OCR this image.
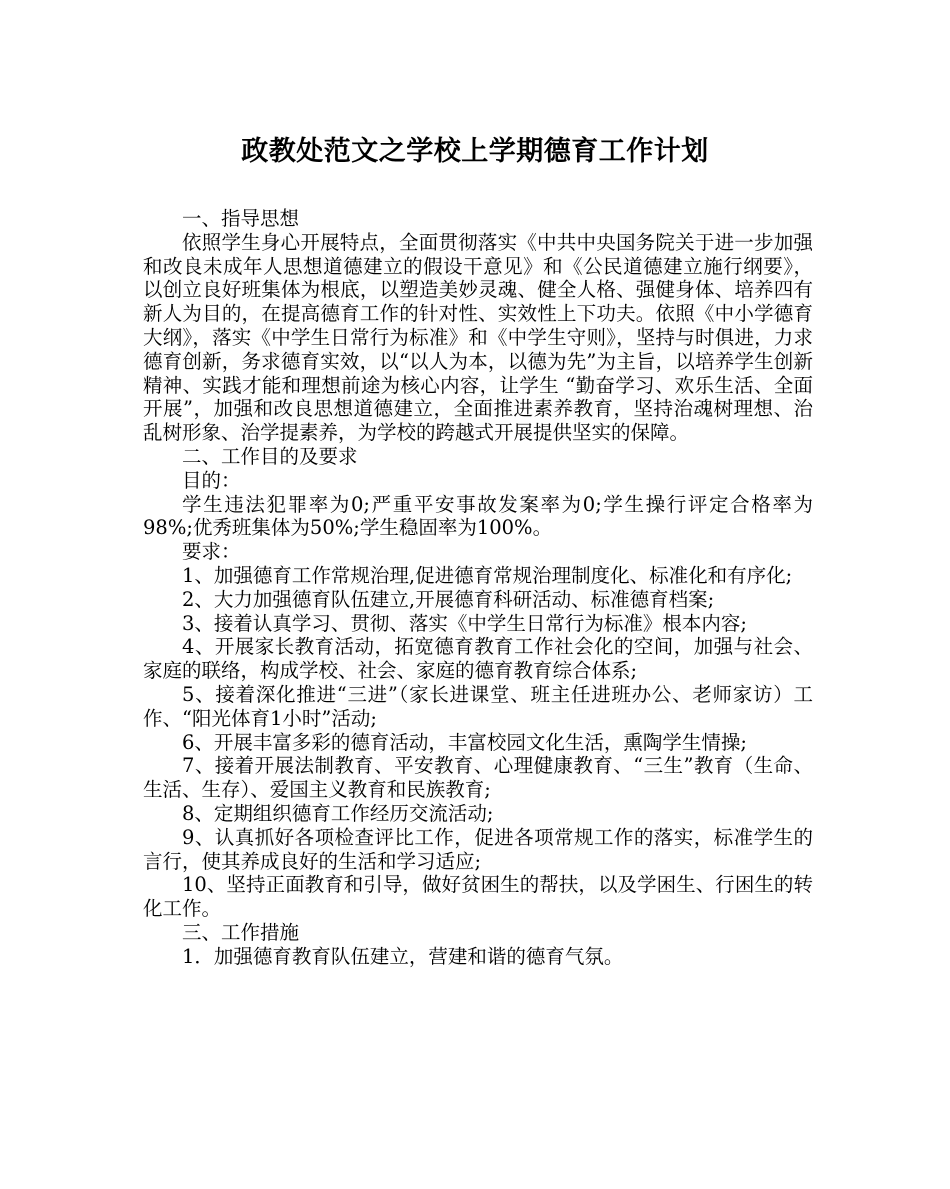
政教处范文之学校上学期德育工作计划

一、指导思想

依照学生身心开展特点，全面贯彻落实《中共中央国务院关于进一步加强和改良未成年人思想道德建立的假设干意见》和《公民道德建立施行纲要》，以创立良好班集体为根底，以塑造美妙灵魂、健全人格、强健身体、培养四有新人为目的，在提高德育工作的针对性、实效性上下功夫。依照《中小学德育大纲》，落实《中学生日常行为标准》和《中学生守则》，坚持与时俱进，力求德育创新，务求德育实效，以“以人为本，以德为先”为主旨，以培养学生创新精神、实践才能和理想前途为核心内容，让学生 “勤奋学习、欢乐生活、全面开展”，加强和改良思想道德建立，全面推进素养教育，坚持治魂树理想、治乱树形象、治学提素养，为学校的跨越式开展提供坚实的保障。

二、工作目的及要求

目的：

学生违法犯罪率为0;严重平安事故发案率为0;学生操行评定合格率为98%;优秀班集体为50%;学生稳固率为100%。

要求：

1、加强德育工作常规治理,促进德育常规治理制度化、标准化和有序化;

2、大力加强德育队伍建立,开展德育科研活动、标准德育档案;

3、接着认真学习、贯彻、落实《中学生日常行为标准》根本内容;

4、开展家长教育活动，拓宽德育教育工作社会化的空间，加强与社会、家庭的联络，构成学校、社会、家庭的德育教育综合体系;

5、接着深化推进“三进”（家长进课堂、班主任进班办公、老师家访）工作、“阳光体育1小时”活动;

6、开展丰富多彩的德育活动，丰富校园文化生活，熏陶学生情操;

7、接着开展法制教育、平安教育、心理健康教育、“三生”教育（生命、生活、生存）、爱国主义教育和民族教育;

8、定期组织德育工作经历交流活动;

9、认真抓好各项检查评比工作，促进各项常规工作的落实，标准学生的言行，使其养成良好的生活和学习适应;

10、坚持正面教育和引导，做好贫困生的帮扶，以及学困生、行困生的转化工作。

三、工作措施

1．加强德育教育队伍建立，营建和谐的德育气氛。
